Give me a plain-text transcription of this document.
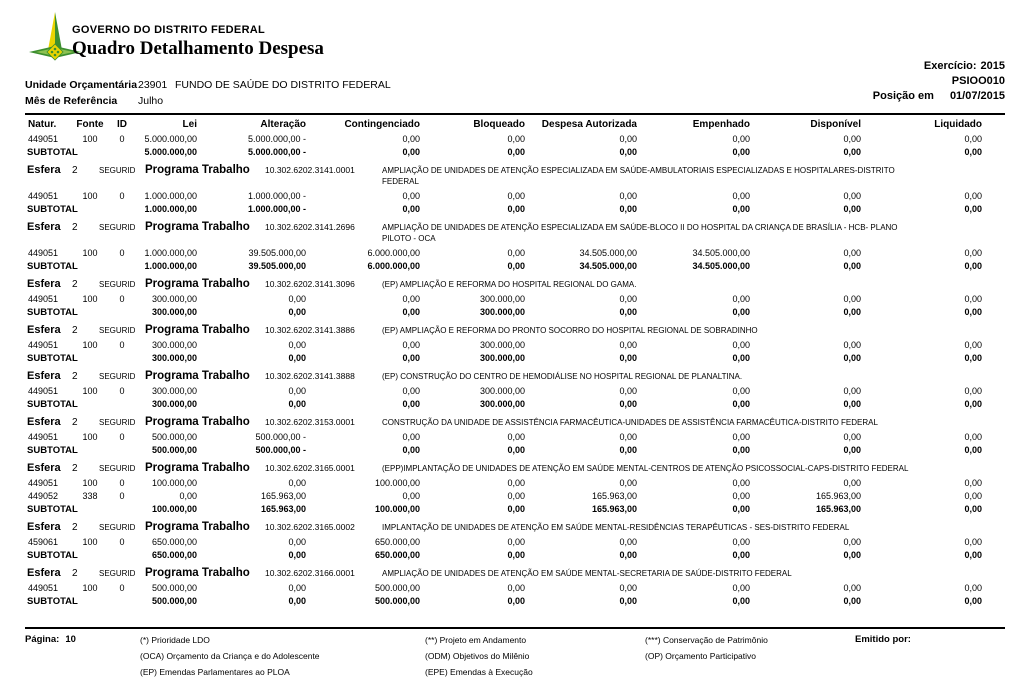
GOVERNO DO DISTRITO FEDERAL
Quadro Detalhamento Despesa
Exercício: 2015
PSIOO010
Posição em 01/07/2015
Unidade Orçamentária23901 FUNDO DE SAÚDE DO DISTRITO FEDERAL
Mês de Referência Julho
Natur.	Fonte	ID	Lei	Alteração	Contingenciado	Bloqueado	Despesa Autorizada	Empenhado	Disponível	Liquidado
449051	100	0	5.000.000,00	5.000.000,00 -	0,00	0,00	0,00	0,00	0,00	0,00
SUBTOTAL	5.000.000,00	5.000.000,00 -	0,00	0,00	0,00	0,00	0,00	0,00
Esfera	2	SEGURID Programa Trabalho	10.302.6202.3141.0001	AMPLIAÇÃO DE UNIDADES DE ATENÇÃO ESPECIALIZADA EM SAÚDE-AMBULATORIAIS ESPECIALIZADAS E HOSPITALARES-DISTRITO FEDERAL
449051	100	0	1.000.000,00	1.000.000,00 -	0,00	0,00	0,00	0,00	0,00	0,00
SUBTOTAL	1.000.000,00	1.000.000,00 -	0,00	0,00	0,00	0,00	0,00	0,00
Esfera	2	SEGURID Programa Trabalho	10.302.6202.3141.2696	AMPLIAÇÃO DE UNIDADES DE ATENÇÃO ESPECIALIZADA EM SAÚDE-BLOCO II DO HOSPITAL DA CRIANÇA DE BRASÍLIA - HCB- PLANO PILOTO - OCA
449051	100	0	1.000.000,00	39.505.000,00	6.000.000,00	0,00	34.505.000,00	34.505.000,00	0,00	0,00
SUBTOTAL	1.000.000,00	39.505.000,00	6.000.000,00	0,00	34.505.000,00	34.505.000,00	0,00	0,00
Esfera	2	SEGURID Programa Trabalho	10.302.6202.3141.3096	(EP) AMPLIAÇÃO E REFORMA DO HOSPITAL REGIONAL DO GAMA.
449051	100	0	300.000,00	0,00	0,00	300.000,00	0,00	0,00	0,00	0,00
SUBTOTAL	300.000,00	0,00	0,00	300.000,00	0,00	0,00	0,00	0,00
Esfera	2	SEGURID Programa Trabalho	10.302.6202.3141.3886	(EP) AMPLIAÇÃO E REFORMA DO PRONTO SOCORRO DO HOSPITAL REGIONAL DE SOBRADINHO
449051	100	0	300.000,00	0,00	0,00	300.000,00	0,00	0,00	0,00	0,00
SUBTOTAL	300.000,00	0,00	0,00	300.000,00	0,00	0,00	0,00	0,00
Esfera	2	SEGURID Programa Trabalho	10.302.6202.3141.3888	(EP) CONSTRUÇÃO DO CENTRO DE HEMODIÁLISE NO HOSPITAL REGIONAL DE PLANALTINA.
449051	100	0	300.000,00	0,00	0,00	300.000,00	0,00	0,00	0,00	0,00
SUBTOTAL	300.000,00	0,00	0,00	300.000,00	0,00	0,00	0,00	0,00
Esfera	2	SEGURID Programa Trabalho	10.302.6202.3153.0001	CONSTRUÇÃO DA UNIDADE DE ASSISTÊNCIA FARMACÊUTICA-UNIDADES DE ASSISTÊNCIA FARMACÊUTICA-DISTRITO FEDERAL
449051	100	0	500.000,00	500.000,00 -	0,00	0,00	0,00	0,00	0,00	0,00
SUBTOTAL	500.000,00	500.000,00 -	0,00	0,00	0,00	0,00	0,00	0,00
Esfera	2	SEGURID Programa Trabalho	10.302.6202.3165.0001	(EPP)IMPLANTAÇÃO DE UNIDADES DE ATENÇÃO EM SAÚDE MENTAL-CENTROS DE ATENÇÃO PSICOSSOCIAL-CAPS-DISTRITO FEDERAL
449051	100	0	100.000,00	0,00	100.000,00	0,00	0,00	0,00	0,00	0,00
449052	338	0	0,00	165.963,00	0,00	0,00	165.963,00	0,00	165.963,00	0,00
SUBTOTAL	100.000,00	165.963,00	100.000,00	0,00	165.963,00	0,00	165.963,00	0,00
Esfera	2	SEGURID Programa Trabalho	10.302.6202.3165.0002	IMPLANTAÇÃO DE UNIDADES DE ATENÇÃO EM SAÚDE MENTAL-RESIDÊNCIAS TERAPÊUTICAS - SES-DISTRITO FEDERAL
459061	100	0	650.000,00	0,00	650.000,00	0,00	0,00	0,00	0,00	0,00
SUBTOTAL	650.000,00	0,00	650.000,00	0,00	0,00	0,00	0,00	0,00
Esfera	2	SEGURID Programa Trabalho	10.302.6202.3166.0001	AMPLIAÇÃO DE UNIDADES DE ATENÇÃO EM SAÚDE MENTAL-SECRETARIA DE SAÚDE-DISTRITO FEDERAL
449051	100	0	500.000,00	0,00	500.000,00	0,00	0,00	0,00	0,00	0,00
SUBTOTAL	500.000,00	0,00	500.000,00	0,00	0,00	0,00	0,00	0,00
Página: 10	(*) Prioridade LDO
(OCA) Orçamento da Criança e do Adolescente
(EP) Emendas Parlamentares ao PLOA
(**) Projeto em Andamento
(ODM) Objetivos do Milênio
(EPE) Emendas à Execução
(***) Conservação de Patrimônio
(OP) Orçamento Participativo
Emitido por:
